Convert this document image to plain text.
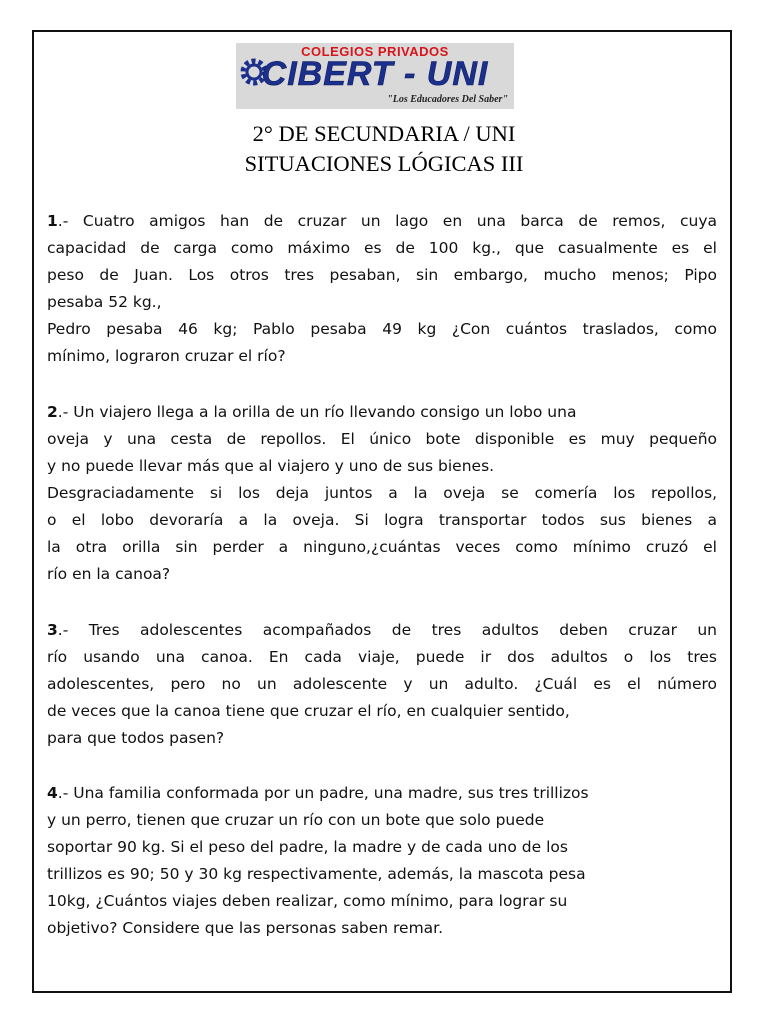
COLEGIOS PRIVADOS
CIBERT - UNI
"Los Educadores Del Saber"
2° DE SECUNDARIA / UNI
SITUACIONES LÓGICAS III
1.- Cuatro amigos han de cruzar un lago en una barca de remos, cuya
capacidad de carga como máximo es de 100 kg., que casualmente es el
peso de Juan. Los otros tres pesaban, sin embargo, mucho menos; Pipo
pesaba 52 kg.,
Pedro pesaba 46 kg; Pablo pesaba 49 kg ¿Con cuántos traslados, como
mínimo, lograron cruzar el río?
2.- Un viajero llega a la orilla de un río llevando consigo un lobo una
oveja y una cesta de repollos. El único bote disponible es muy pequeño
y no puede llevar más que al viajero y uno de sus bienes.
Desgraciadamente si los deja juntos a la oveja se comería los repollos,
o el lobo devoraría a la oveja. Si logra transportar todos sus bienes a
la otra orilla sin perder a ninguno,¿cuántas veces como mínimo cruzó el
río en la canoa?
3.- Tres adolescentes acompañados de tres adultos deben cruzar un
río usando una canoa. En cada viaje, puede ir dos adultos o los tres
adolescentes, pero no un adolescente y un adulto. ¿Cuál es el número
de veces que la canoa tiene que cruzar el río, en cualquier sentido,
para que todos pasen?
4.- Una familia conformada por un padre, una madre, sus tres trillizos
y un perro, tienen que cruzar un río con un bote que solo puede
soportar 90 kg. Si el peso del padre, la madre y de cada uno de los
trillizos es 90; 50 y 30 kg respectivamente, además, la mascota pesa
10kg, ¿Cuántos viajes deben realizar, como mínimo, para lograr su
objetivo? Considere que las personas saben remar.
